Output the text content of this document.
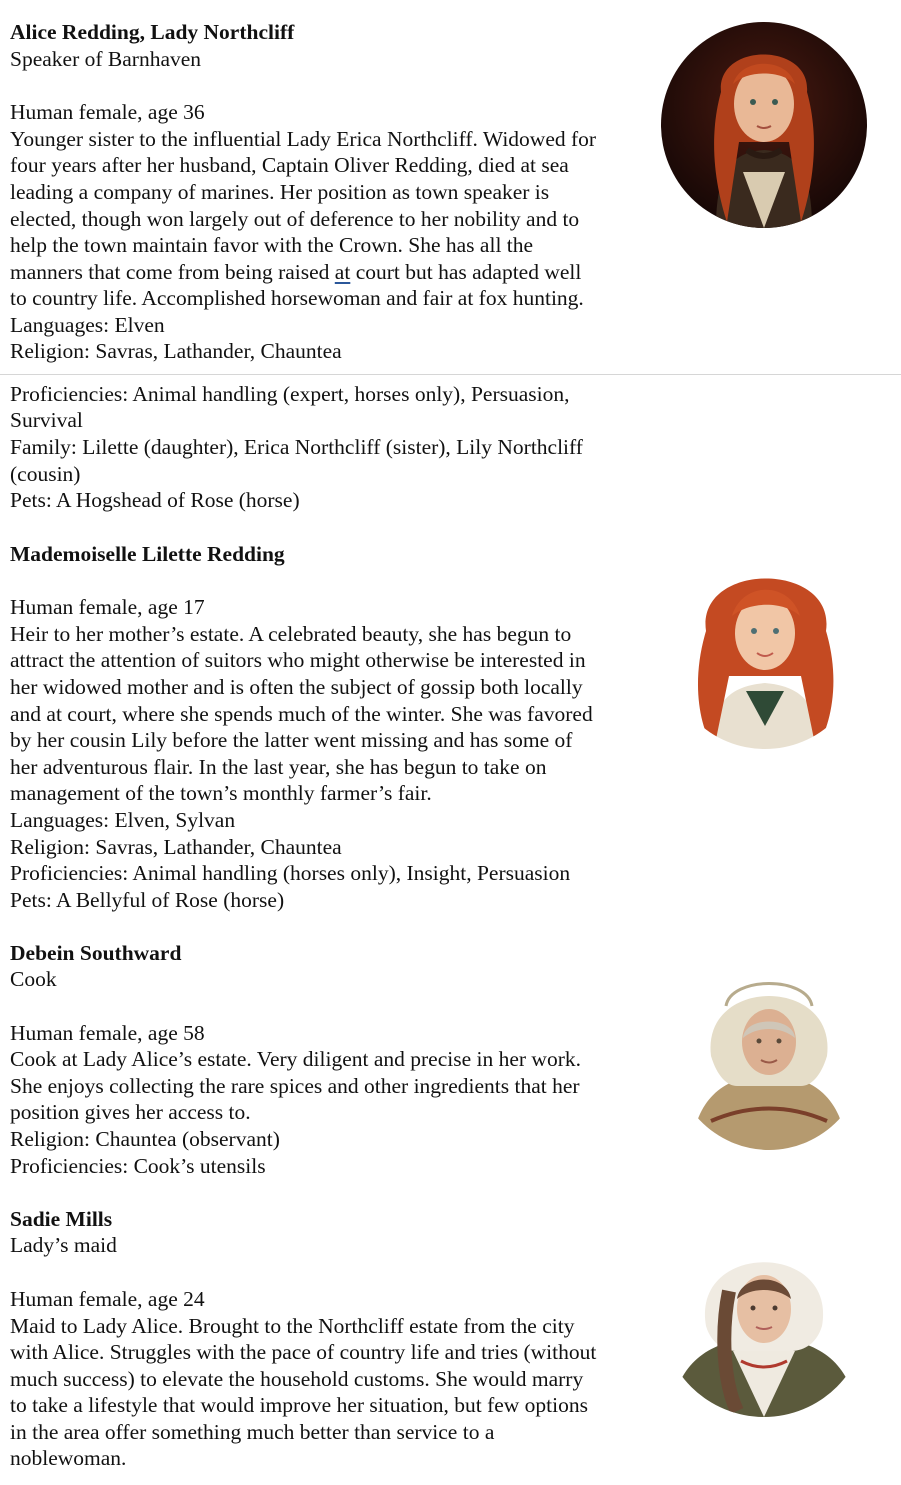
Alice Redding, Lady Northcliff
Speaker of Barnhaven
Human female, age 36
Younger sister to the influential Lady Erica Northcliff. Widowed for
four years after her husband, Captain Oliver Redding, died at sea
leading a company of marines. Her position as town speaker is
elected, though won largely out of deference to her nobility and to
help the town maintain favor with the Crown. She has all the
manners that come from being raised at court but has adapted well
to country life. Accomplished horsewoman and fair at fox hunting.
Languages: Elven
Religion: Savras, Lathander, Chauntea
Proficiencies: Animal handling (expert, horses only), Persuasion,
Survival
Family: Lilette (daughter), Erica Northcliff (sister), Lily Northcliff
(cousin)
Pets: A Hogshead of Rose (horse)
Mademoiselle Lilette Redding
Human female, age 17
Heir to her mother’s estate. A celebrated beauty, she has begun to
attract the attention of suitors who might otherwise be interested in
her widowed mother and is often the subject of gossip both locally
and at court, where she spends much of the winter. She was favored
by her cousin Lily before the latter went missing and has some of
her adventurous flair. In the last year, she has begun to take on
management of the town’s monthly farmer’s fair.
Languages: Elven, Sylvan
Religion: Savras, Lathander, Chauntea
Proficiencies: Animal handling (horses only), Insight, Persuasion
Pets: A Bellyful of Rose (horse)
Debein Southward
Cook
Human female, age 58
Cook at Lady Alice’s estate. Very diligent and precise in her work.
She enjoys collecting the rare spices and other ingredients that her
position gives her access to.
Religion: Chauntea (observant)
Proficiencies: Cook’s utensils
Sadie Mills
Lady’s maid
Human female, age 24
Maid to Lady Alice. Brought to the Northcliff estate from the city
with Alice. Struggles with the pace of country life and tries (without
much success) to elevate the household customs. She would marry
to take a lifestyle that would improve her situation, but few options
in the area offer something much better than service to a
noblewoman.
